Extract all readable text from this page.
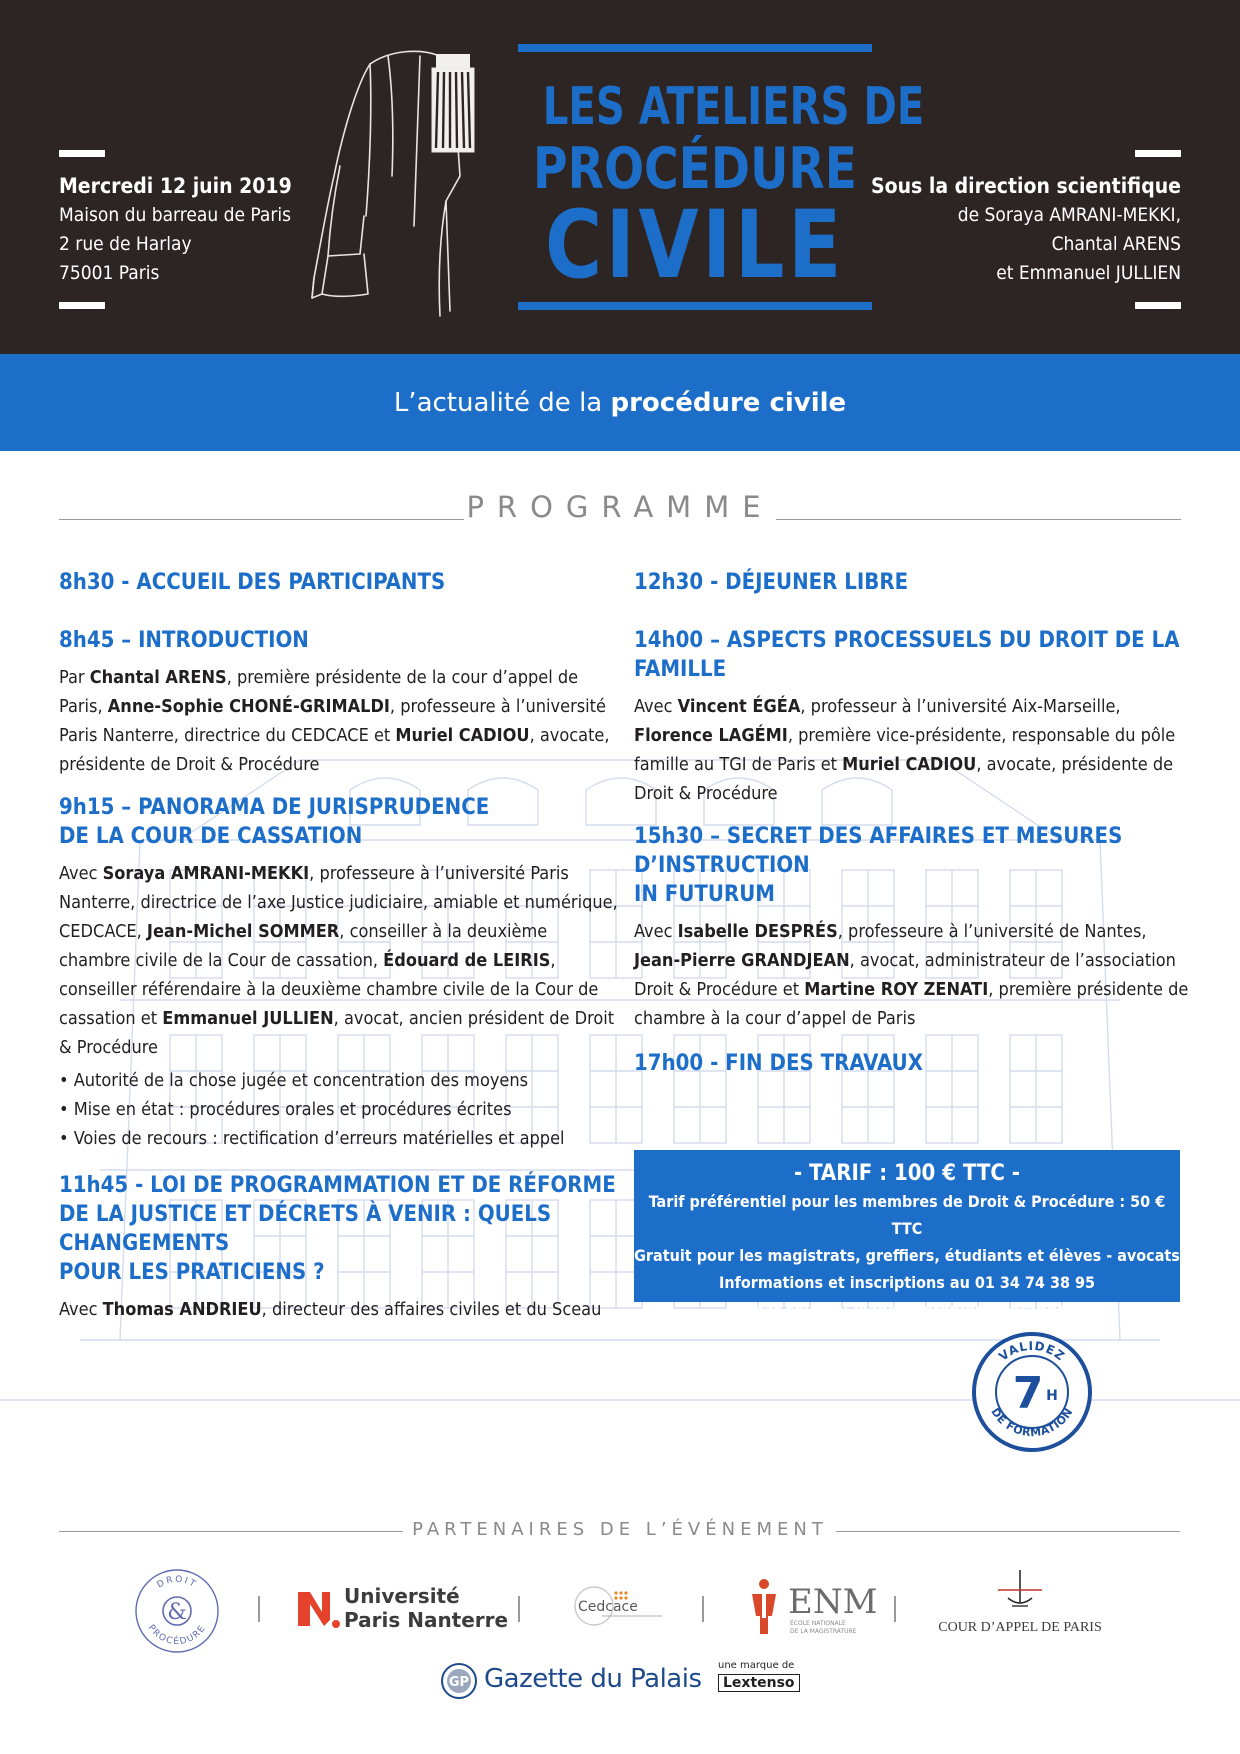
Mercredi 12 juin 2019
Maison du barreau de Paris
2 rue de Harlay
75001 Paris
LES ATELIERS DE
PROCÉDURE
CIVILE
Sous la direction scientifique
de Soraya AMRANI-MEKKI,
Chantal ARENS
et Emmanuel JULLIEN
L’actualité de la procédure civile
PROGRAMME
8h30 - ACCUEIL DES PARTICIPANTS
8h45 – INTRODUCTION
Par Chantal ARENS, première présidente de la cour d’appel de Paris, Anne-Sophie CHONÉ-GRIMALDI, professeure à l’université Paris Nanterre, directrice du CEDCACE et Muriel CADIOU, avocate, présidente de Droit & Procédure
9h15 – PANORAMA DE JURISPRUDENCE
DE LA COUR DE CASSATION
Avec Soraya AMRANI-MEKKI, professeure à l’université Paris Nanterre, directrice de l’axe Justice judiciaire, amiable et numérique, CEDCACE, Jean-Michel SOMMER, conseiller à la deuxième chambre civile de la Cour de cassation, Édouard de LEIRIS, conseiller référendaire à la deuxième chambre civile de la Cour de cassation et Emmanuel JULLIEN, avocat, ancien président de Droit & Procédure
• Autorité de la chose jugée et concentration des moyens
• Mise en état : procédures orales et procédures écrites
• Voies de recours : rectification d’erreurs matérielles et appel
11h45 - LOI DE PROGRAMMATION ET DE RÉFORME
DE LA JUSTICE ET DÉCRETS À VENIR : QUELS CHANGEMENTS
POUR LES PRATICIENS ?
Avec Thomas ANDRIEU, directeur des affaires civiles et du Sceau
12h30 - DÉJEUNER LIBRE
14h00 – ASPECTS PROCESSUELS DU DROIT DE LA FAMILLE
Avec Vincent ÉGÉA, professeur à l’université Aix-Marseille, Florence LAGÉMI, première vice-présidente, responsable du pôle famille au TGI de Paris et Muriel CADIOU, avocate, présidente de Droit & Procédure
15h30 – SECRET DES AFFAIRES ET MESURES D’INSTRUCTION
IN FUTURUM
Avec Isabelle DESPRÉS, professeure à l’université de Nantes, Jean-Pierre GRANDJEAN, avocat, administrateur de l’association Droit & Procédure et Martine ROY ZENATI, première présidente de chambre à la cour d’appel de Paris
17h00 - FIN DES TRAVAUX
- TARIF : 100 € TTC -
Tarif préférentiel pour les membres de Droit & Procédure : 50 € TTC
Gratuit pour les magistrats, greffiers, étudiants et élèves - avocats
Informations et inscriptions au 01 34 74 38 95
ou par courriel jeande.veronique@orange.fr
VALIDEZ
DE FORMATION
7 H
PARTENAIRES DE L’ÉVÉNEMENT
DROIT
PROCÉDURE
&
Université
Paris Nanterre
Cedcace	ENM
ÉCOLE NATIONALE
DE LA MAGISTRATURE	COUR D’APPEL DE PARIS
GP Gazette du Palais une marque de
Lextenso
